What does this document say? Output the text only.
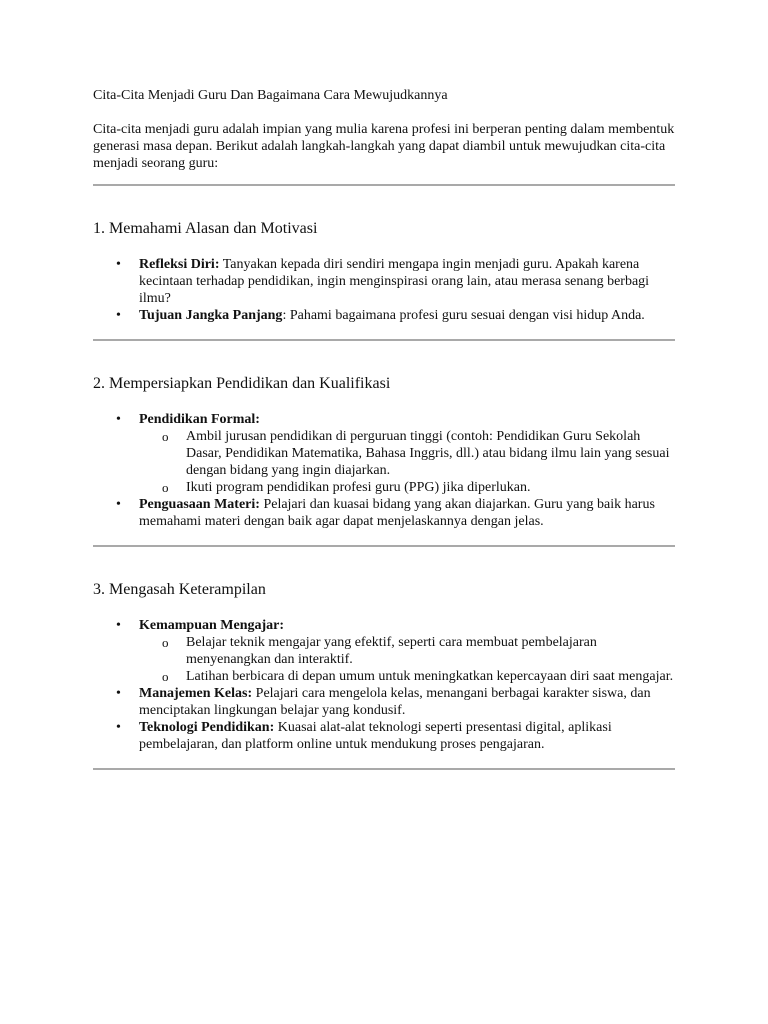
Cita-Cita Menjadi Guru Dan Bagaimana Cara Mewujudkannya

Cita-cita menjadi guru adalah impian yang mulia karena profesi ini berperan penting dalam membentuk generasi masa depan. Berikut adalah langkah-langkah yang dapat diambil untuk mewujudkan cita-cita menjadi seorang guru:

1. Memahami Alasan dan Motivasi
• Refleksi Diri: Tanyakan kepada diri sendiri mengapa ingin menjadi guru. Apakah karena kecintaan terhadap pendidikan, ingin menginspirasi orang lain, atau merasa senang berbagi ilmu?
• Tujuan Jangka Panjang: Pahami bagaimana profesi guru sesuai dengan visi hidup Anda.
2. Mempersiapkan Pendidikan dan Kualifikasi
• Pendidikan Formal:
o Ambil jurusan pendidikan di perguruan tinggi (contoh: Pendidikan Guru Sekolah Dasar, Pendidikan Matematika, Bahasa Inggris, dll.) atau bidang ilmu lain yang sesuai dengan bidang yang ingin diajarkan.
o Ikuti program pendidikan profesi guru (PPG) jika diperlukan.
• Penguasaan Materi: Pelajari dan kuasai bidang yang akan diajarkan. Guru yang baik harus memahami materi dengan baik agar dapat menjelaskannya dengan jelas.
3. Mengasah Keterampilan
• Kemampuan Mengajar:
o Belajar teknik mengajar yang efektif, seperti cara membuat pembelajaran menyenangkan dan interaktif.
o Latihan berbicara di depan umum untuk meningkatkan kepercayaan diri saat mengajar.
• Manajemen Kelas: Pelajari cara mengelola kelas, menangani berbagai karakter siswa, dan menciptakan lingkungan belajar yang kondusif.
• Teknologi Pendidikan: Kuasai alat-alat teknologi seperti presentasi digital, aplikasi pembelajaran, dan platform online untuk mendukung proses pengajaran.
